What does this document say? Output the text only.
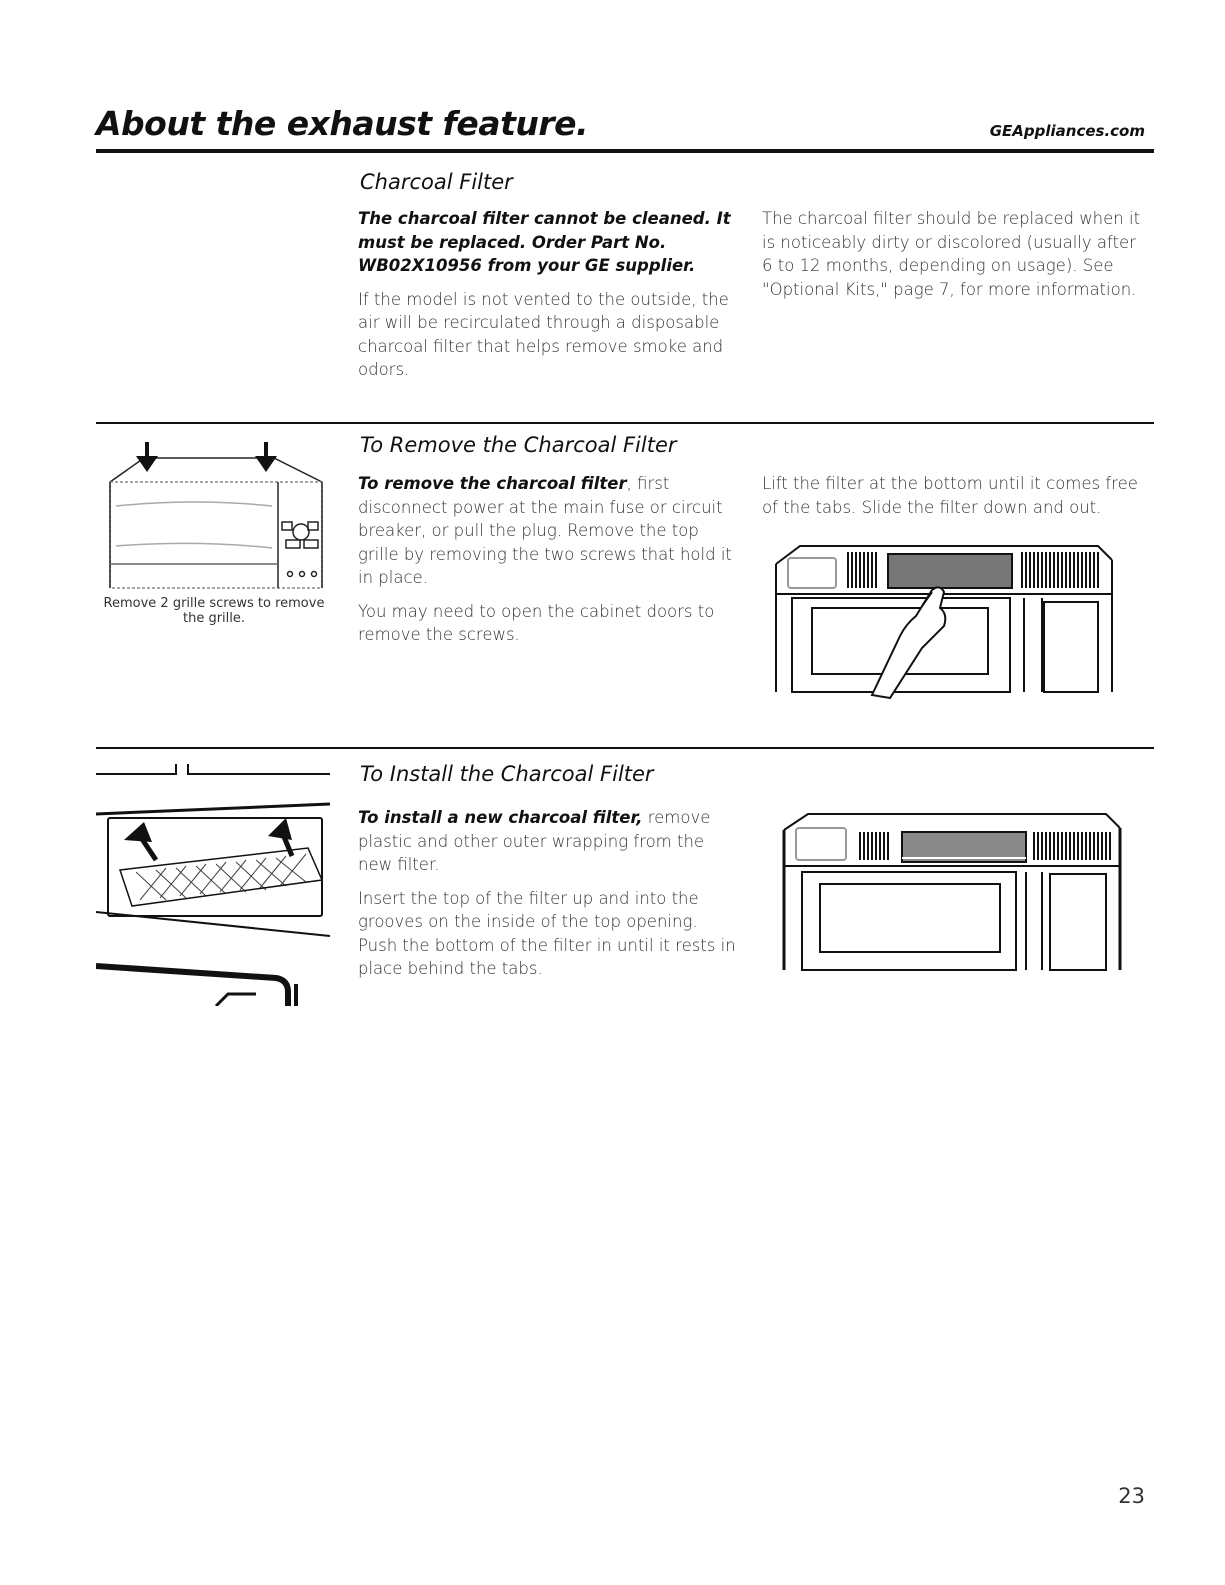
About the exhaust feature.	GEAppliances.com
Charcoal Filter

The charcoal filter cannot be cleaned. It must be replaced. Order Part No. WB02X10956 from your GE supplier.

If the model is not vented to the outside, the air will be recirculated through a disposable charcoal filter that helps remove smoke and odors.

The charcoal filter should be replaced when it is noticeably dirty or discolored (usually after 6 to 12 months, depending on usage). See "Optional Kits," page 7, for more information.

To Remove the Charcoal Filter

To remove the charcoal filter, first disconnect power at the main fuse or circuit breaker, or pull the plug. Remove the top grille by removing the two screws that hold it in place.

You may need to open the cabinet doors to remove the screws.

Lift the filter at the bottom until it comes free of the tabs. Slide the filter down and out.

Remove 2 grille screws to remove the grille.
To Install the Charcoal Filter

To install a new charcoal filter, remove plastic and other outer wrapping from the new filter.

Insert the top of the filter up and into the grooves on the inside of the top opening. Push the bottom of the filter in until it rests in place behind the tabs.

23
